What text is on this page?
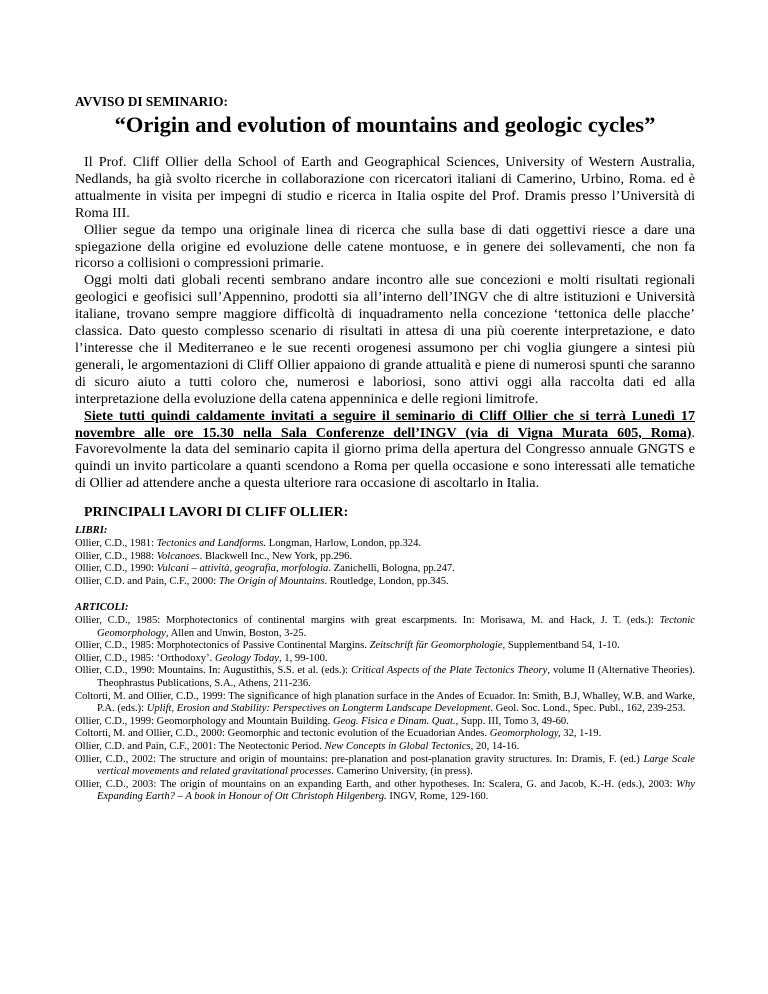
AVVISO DI SEMINARIO:

“Origin and evolution of mountains and geologic cycles”

Il Prof. Cliff Ollier della School of Earth and Geographical Sciences, University of Western Australia, Nedlands, ha già svolto ricerche in collaborazione con ricercatori italiani di Camerino, Urbino, Roma. ed è attualmente in visita per impegni di studio e ricerca in Italia ospite del Prof. Dramis presso l’Università di Roma III.

Ollier segue da tempo una originale linea di ricerca che sulla base di dati oggettivi riesce a dare una spiegazione della origine ed evoluzione delle catene montuose, e in genere dei sollevamenti, che non fa ricorso a collisioni o compressioni primarie.

Oggi molti dati globali recenti sembrano andare incontro alle sue concezioni e molti risultati regionali geologici e geofisici sull’Appennino, prodotti sia all’interno dell’INGV che di altre istituzioni e Università italiane, trovano sempre maggiore difficoltà di inquadramento nella concezione ‘tettonica delle placche’ classica. Dato questo complesso scenario di risultati in attesa di una più coerente interpretazione, e dato l’interesse che il Mediterraneo e le sue recenti orogenesi assumono per chi voglia giungere a sintesi più generali, le argomentazioni di Cliff Ollier appaiono di grande attualità e piene di numerosi spunti che saranno di sicuro aiuto a tutti coloro che, numerosi e laboriosi, sono attivi oggi alla raccolta dati ed alla interpretazione della evoluzione della catena appenninica e delle regioni limitrofe.

Siete tutti quindi caldamente invitati a seguire il seminario di Cliff Ollier che si terrà Lunedì 17 novembre alle ore 15.30 nella Sala Conferenze dell’INGV (via di Vigna Murata 605, Roma). Favorevolmente la data del seminario capita il giorno prima della apertura del Congresso annuale GNGTS e quindi un invito particolare a quanti scendono a Roma per quella occasione e sono interessati alle tematiche di Ollier ad attendere anche a questa ulteriore rara occasione di ascoltarlo in Italia.

PRINCIPALI LAVORI DI CLIFF OLLIER:

LIBRI:

Ollier, C.D., 1981: Tectonics and Landforms. Longman, Harlow, London, pp.324.
Ollier, C.D., 1988: Volcanoes. Blackwell Inc., New York, pp.296.
Ollier, C.D., 1990: Vulcani – attività, geografia, morfologia. Zanichelli, Bologna, pp.247.
Ollier, C.D. and Pain, C.F., 2000: The Origin of Mountains. Routledge, London, pp.345.

ARTICOLI:

Ollier, C.D., 1985: Morphotectonics of continental margins with great escarpments. In: Morisawa, M. and Hack, J. T. (eds.): Tectonic Geomorphology, Allen and Unwin, Boston, 3-25.
Ollier, C.D., 1985: Morphotectonics of Passive Continental Margins. Zeitschrift für Geomorphologie, Supplementband 54, 1-10.
Ollier, C.D., 1985: ‘Orthodoxy’. Geology Today, 1, 99-100.
Ollier, C.D., 1990: Mountains. In: Augustithis, S.S. et al. (eds.): Critical Aspects of the Plate Tectonics Theory, volume II (Alternative Theories). Theophrastus Publications, S.A., Athens, 211-236.
Coltorti, M. and Ollier, C.D., 1999: The significance of high planation surface in the Andes of Ecuador. In: Smith, B.J, Whalley, W.B. and Warke, P.A. (eds.): Uplift, Erosion and Stability: Perspectives on Longterm Landscape Development. Geol. Soc. Lond., Spec. Publ., 162, 239-253.
Ollier, C.D., 1999: Geomorphology and Mountain Building. Geog. Fisica e Dinam. Quat., Supp. III, Tomo 3, 49-60.
Coltorti, M. and Ollier, C.D., 2000: Geomorphic and tectonic evolution of the Ecuadorian Andes. Geomorphology, 32, 1-19.
Ollier, C.D. and Pain, C.F., 2001: The Neotectonic Period. New Concepts in Global Tectonics, 20, 14-16.
Ollier, C.D., 2002: The structure and origin of mountains: pre-planation and post-planation gravity structures. In: Dramis, F. (ed.) Large Scale vertical movements and related gravitational processes. Camerino University, (in press).
Ollier, C.D., 2003: The origin of mountains on an expanding Earth, and other hypotheses. In: Scalera, G. and Jacob, K.-H. (eds.), 2003: Why Expanding Earth? – A book in Honour of Ott Christoph Hilgenberg. INGV, Rome, 129-160.
